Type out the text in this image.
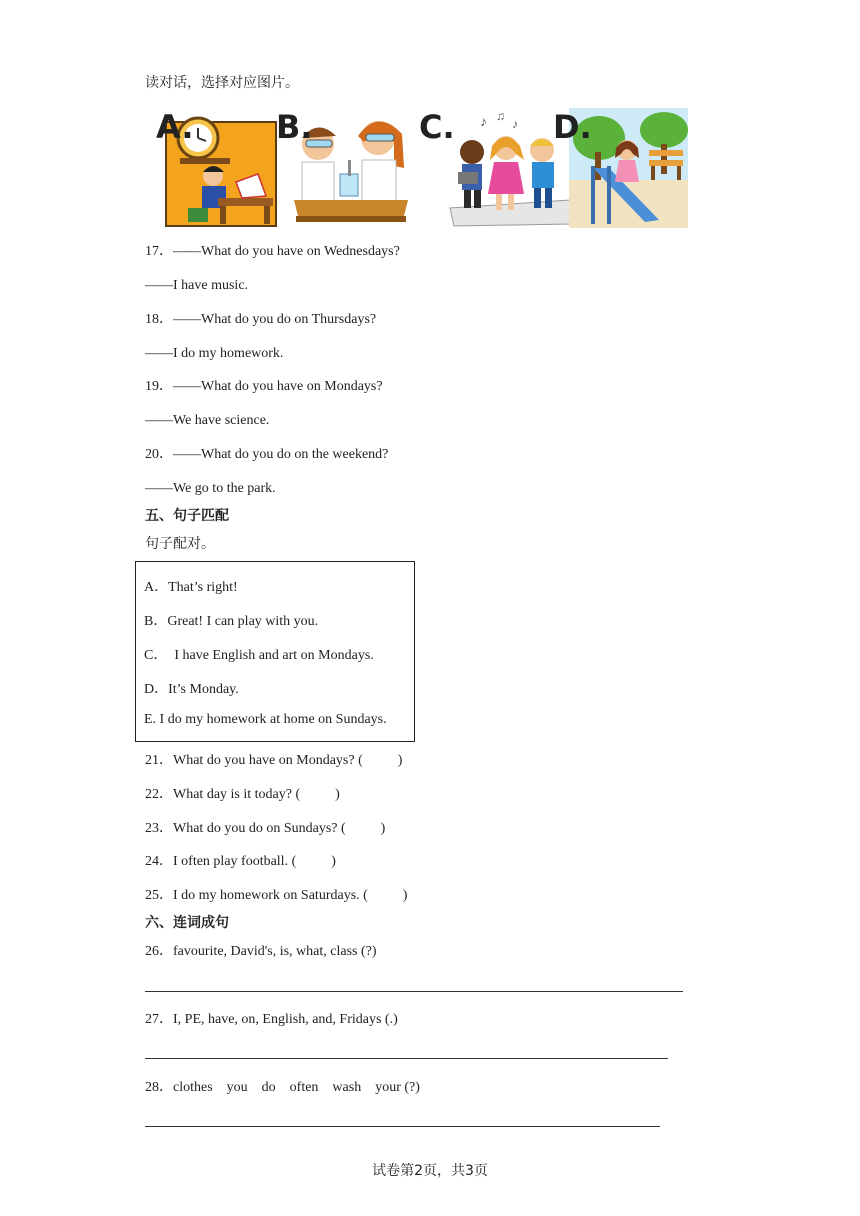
读对话，选择对应图片。
A.	B.	♪ ♫
♪
C.	D.
17．——What do you have on Wednesdays?
——I have music.
18．——What do you do on Thursdays?
——I do my homework.
19．——What do you have on Mondays?
——We have science.
20．——What do you do on the weekend?
——We go to the park.
五、句子匹配
句子配对。
A．That’s right!
B．Great! I can play with you.
C．  I have English and art on Mondays.
D．It’s Monday.
E. I do my homework at home on Sundays.
21．What do you have on Mondays? (          )
22．What day is it today? (          )
23．What do you do on Sundays? (          )
24．I often play football. (          )
25．I do my homework on Saturdays. (          )
六、连词成句
26．favourite, David's, is, what, class (?)
27．I, PE, have, on, English, and, Fridays (.)
28．clothes    you    do    often    wash    your (?)
试卷第2页，共3页
